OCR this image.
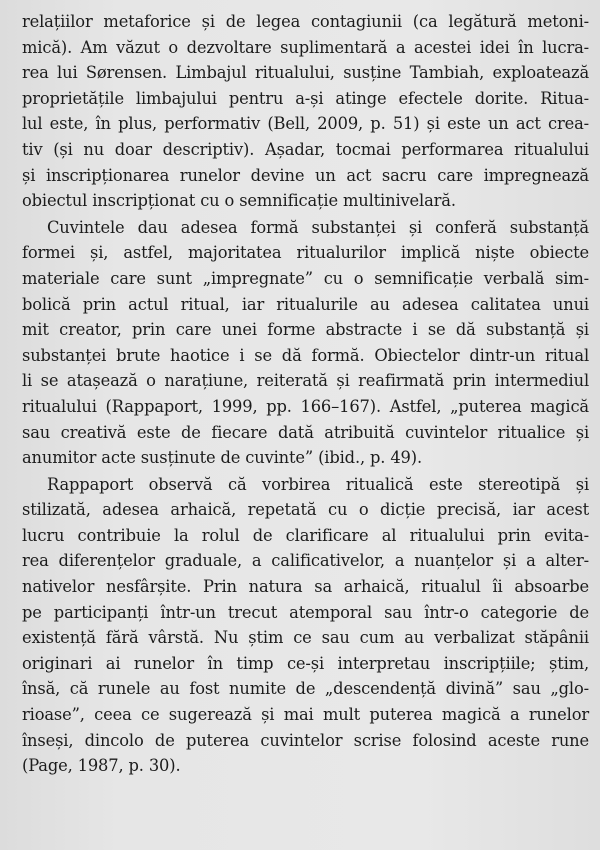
relațiilor metaforice și de legea contagiunii (ca legătură metoni-
mică). Am văzut o dezvoltare suplimentară a acestei idei în lucra-
rea lui Sørensen. Limbajul ritualului, susține Tambiah, exploatează
proprietățile limbajului pentru a-și atinge efectele dorite. Ritua-
lul este, în plus, performativ (Bell, 2009, p. 51) și este un act crea-
tiv (și nu doar descriptiv). Așadar, tocmai performarea ritualului
și inscripționarea runelor devine un act sacru care impregnează
obiectul inscripționat cu o semnificație multinivelară.

Cuvintele dau adesea formă substanței și conferă substanță
formei și, astfel, majoritatea ritualurilor implică niște obiecte
materiale care sunt „impregnate” cu o semnificație verbală sim-
bolică prin actul ritual, iar ritualurile au adesea calitatea unui
mit creator, prin care unei forme abstracte i se dă substanță și
substanței brute haotice i se dă formă. Obiectelor dintr-un ritual
li se atașează o narațiune, reiterată și reafirmată prin intermediul
ritualului (Rappaport, 1999, pp. 166–167). Astfel, „puterea magică
sau creativă este de fiecare dată atribuită cuvintelor ritualice și
anumitor acte susținute de cuvinte” (ibid., p. 49).

Rappaport observă că vorbirea ritualică este stereotipă și
stilizată, adesea arhaică, repetată cu o dicție precisă, iar acest
lucru contribuie la rolul de clarificare al ritualului prin evita-
rea diferențelor graduale, a calificativelor, a nuanțelor și a alter-
nativelor nesfârșite. Prin natura sa arhaică, ritualul îi absoarbe
pe participanți într-un trecut atemporal sau într-o categorie de
existență fără vârstă. Nu știm ce sau cum au verbalizat stăpânii
originari ai runelor în timp ce-și interpretau inscripțiile; știm,
însă, că runele au fost numite de „descendență divină” sau „glo-
rioase”, ceea ce sugerează și mai mult puterea magică a runelor
înseși, dincolo de puterea cuvintelor scrise folosind aceste rune
(Page, 1987, p. 30).
